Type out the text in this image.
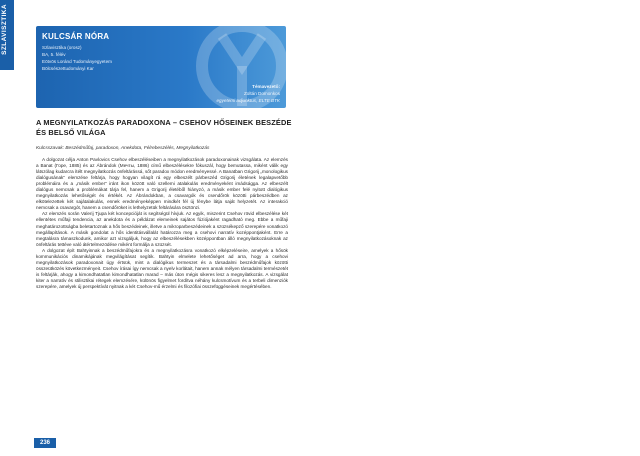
SZLAVISZTIKA	KULCSÁR NÓRA
Szlavisztika (orosz)
BA, 5. félév
Eötvös Loránd Tudományegyetem
Bölcsészettudományi Kar
Témavezető:
Zoltán Domonkos
egyetemi adjunktus, ELTE BTK
A MEGNYILATKOZÁS PARADOXONA – CSEHOV HŐSEINEK BESZÉDE ÉS BELSŐ VILÁGA
Kulcsszavak: Beszédműfaj, paradoxon, Anekdota, Félrebeszélés, Megnyilatkozás

A dolgozat célja Anton Pavlovics Csehov elbeszéléseiben a megnyilatkozások paradoxonainak vizsgálata. Az elemzés a Banat (Гоpe, 1885) és az Ábrándok (Мечты, 1886) című elbeszélésekre fókuszál, hogy bemutassa, miként válik egy látszólag kudarcra ítélt megnyilatkozás önfeltárássá, sőt paradox módon eredményessé. A Banatban Grigorij „monologikus dialógusának” elemzése feltárja, hogy hogyan vilagít rá egy elbeszélt párbeszéd Grigorij életének legalapvetőbb problémáira és a „másik ember” iránt ikon között való szellemi atalakulás eredményeként imádságga. Az elbeszélt dialógus nemcsak a problémákat tárja fel, hanem a Grigorij életéből hiányzó, a másik ember felé nyitott dialógikus megnyilatkozás lehetőségét és értékét. Az Ábrándokban, a csavargók és csendőrök közötti párbeszédben az elkötelezettek két sajátalakulás, ennek eredményeképpen mindkét fél új fénybe látja saját helyzetét. Az interakció nemcsak a csavargót, hanem a csendőröket is lethelyzetük feltárására ösztönzi.

Az elemzés során Valerij Tjupa két koncepcióját is segítségül hívjuk. Az egyik, miszerint Csehov rövid elbeszélése két ellentétes műfaji tendencia, az anekdota és a példázat elemeinek sajátos fúziójaként ragadható meg. Ebbe a műfaji meghatározottságba beletartoznak a hős beszédeinek, illetve a mikroparbeszédeinek a szüzsékepző szerepére vonatkozó megállapítások. A másik gondolat a hős identitásvállalát határozza meg a csehovi narratív kozéppontjaként. Erre a megtalásra támaszkodunk, amikor azt vizsgáljuk, hogy az elbeszélésekben középpontban álló megnyilatkozásoknak az önfeltárás tettéve való átértelmezödése miként formálja a szüzsét.

A dolgozat épít Bahtyinnak a beszédműfajokra és a megnyilatkozásra vonatkozó elképzeléseire, amelyek a hősök kommunikációs dinamikájának megvilágításat segítik. Bahtyin elmelete lehetőséget ad arra, hogy a csehovi megnyilatkozások paradoxonait úgy értsük, mint a dialógikus termeszet és a társadalmi beszédműfajok közötti összeütközés következményeit. Csehov írásai így nemcsak a nyelv korlátait, hanem annak mélyen társadalmi természetét is feltárják, ahogy a kimondhatatlan kimondhatatlan marad – más úton mégis sikeres lesz a megnyilatkozás. A vizsgálat kiter a narratív és stilisztikai rétegek elemzésére, különös figyelmet fordítva néhány kulcsmotívum és a terbeli dimenziók szerepére, amelyek új perspektívát nyitnak a két Csehov-mű érzelmi és filozófiai összefüggéseinek megértésében.

236
